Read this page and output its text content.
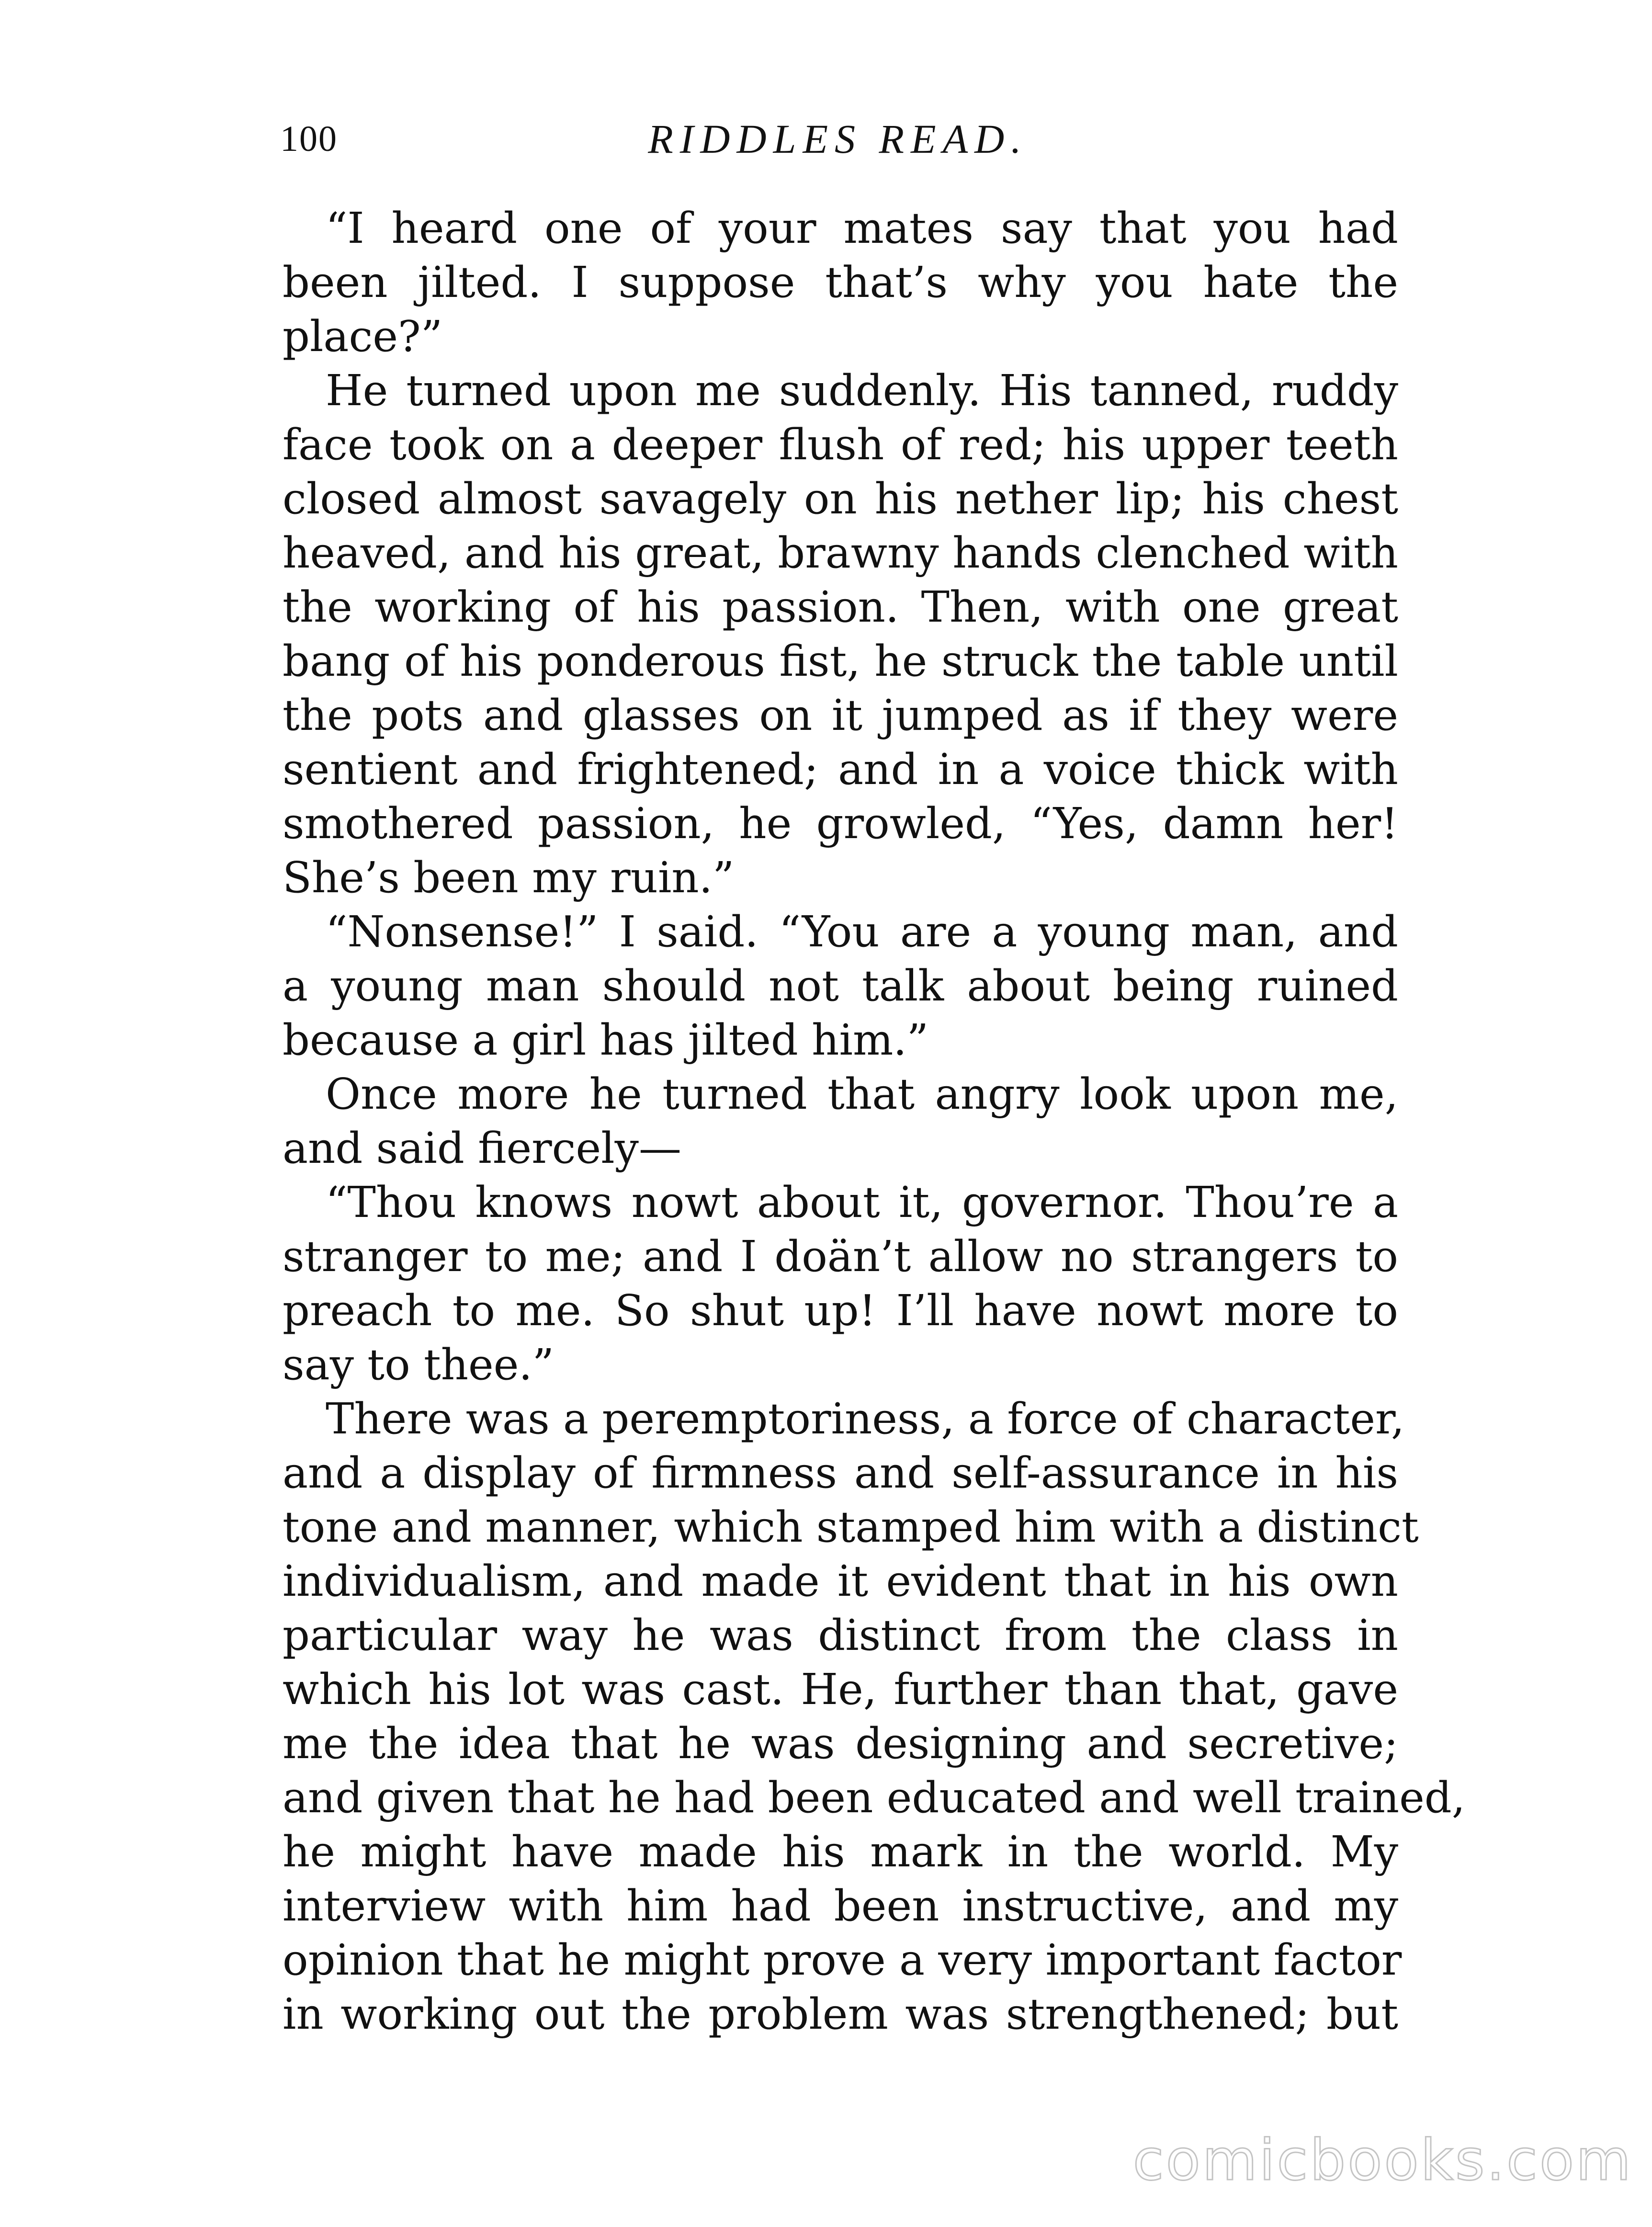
100	RIDDLES READ.
“I heard one of your mates say that you had
been jilted. I suppose that’s why you hate the
place?”
He turned upon me suddenly. His tanned, ruddy
face took on a deeper flush of red; his upper teeth
closed almost savagely on his nether lip; his chest
heaved, and his great, brawny hands clenched with
the working of his passion. Then, with one great
bang of his ponderous fist, he struck the table until
the pots and glasses on it jumped as if they were
sentient and frightened; and in a voice thick with
smothered passion, he growled, “Yes, damn her!
She’s been my ruin.”
“Nonsense!” I said. “You are a young man, and
a young man should not talk about being ruined
because a girl has jilted him.”
Once more he turned that angry look upon me,
and said fiercely—
“Thou knows nowt about it, governor. Thou’re a
stranger to me; and I doän’t allow no strangers to
preach to me. So shut up! I’ll have nowt more to
say to thee.”
There was a peremptoriness, a force of character,
and a display of firmness and self-assurance in his
tone and manner, which stamped him with a distinct
individualism, and made it evident that in his own
particular way he was distinct from the class in
which his lot was cast. He, further than that, gave
me the idea that he was designing and secretive;
and given that he had been educated and well trained,
he might have made his mark in the world. My
interview with him had been instructive, and my
opinion that he might prove a very important factor
in working out the problem was strengthened; but
comicbooks.com
